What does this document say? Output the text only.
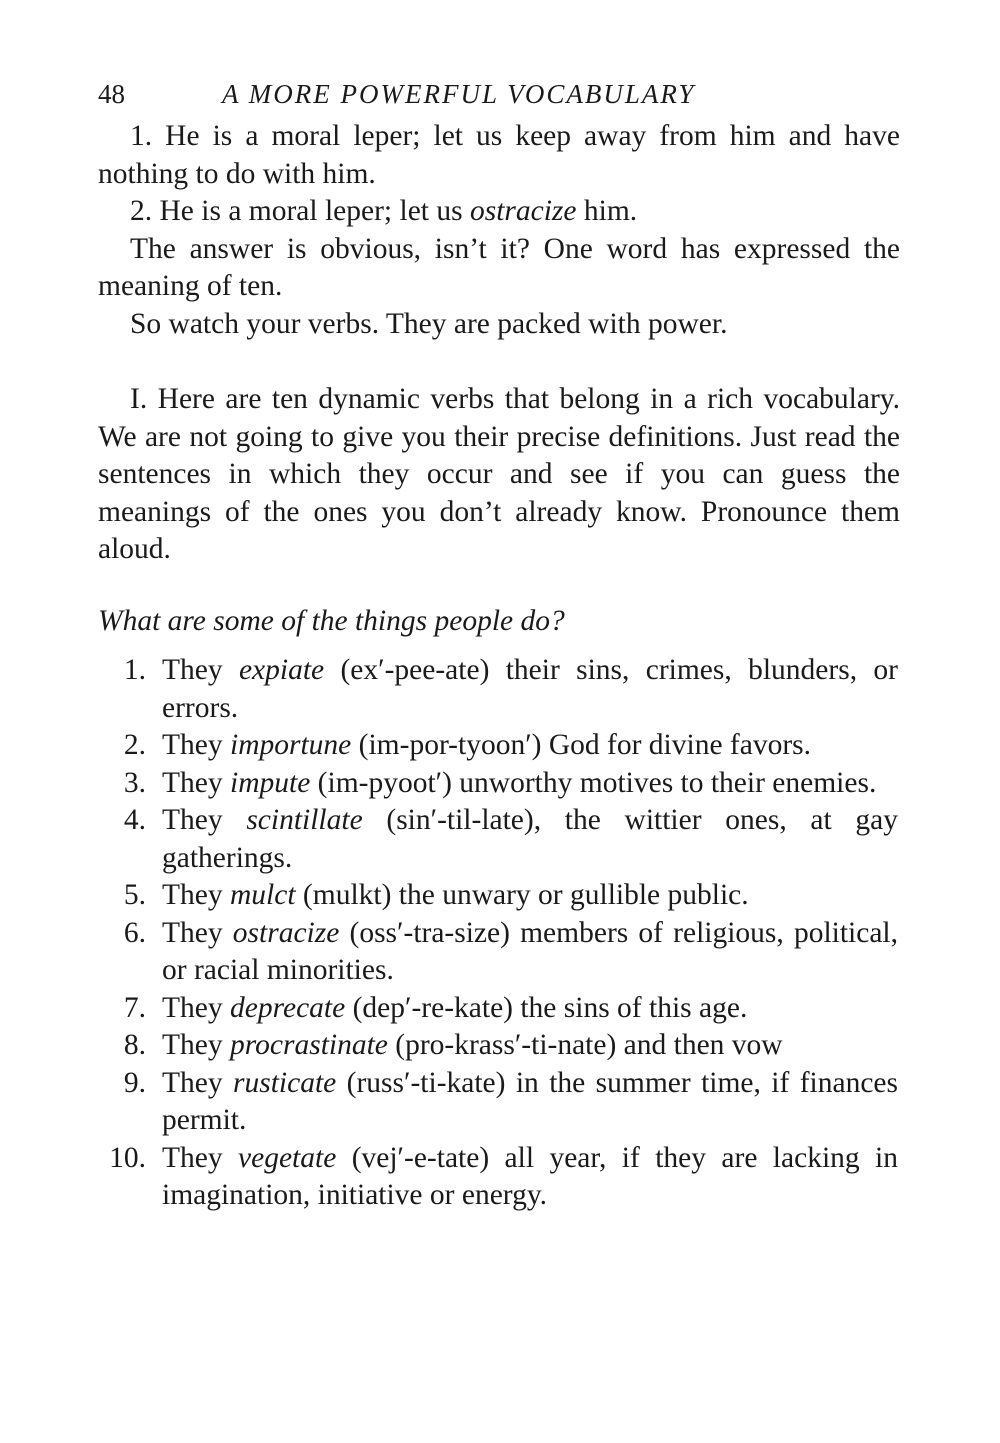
48	A MORE POWERFUL VOCABULARY

1. He is a moral leper; let us keep away from him and have nothing to do with him.

2. He is a moral leper; let us ostracize him.

The answer is obvious, isn’t it? One word has expressed the meaning of ten.

So watch your verbs. They are packed with power.

I. Here are ten dynamic verbs that belong in a rich vocabulary. We are not going to give you their precise definitions. Just read the sentences in which they occur and see if you can guess the meanings of the ones you don’t already know. Pronounce them aloud.

What are some of the things people do?

1. They expiate (ex′-pee-ate) their sins, crimes, blunders, or errors.
2. They importune (im-por-tyoon′) God for divine favors.
3. They impute (im-pyoot′) unworthy motives to their enemies.
4. They scintillate (sin′-til-late), the wittier ones, at gay gatherings.
5. They mulct (mulkt) the unwary or gullible public.
6. They ostracize (oss′-tra-size) members of religious, political, or racial minorities.
7. They deprecate (dep′-re-kate) the sins of this age.
8. They procrastinate (pro-krass′-ti-nate) and then vow
9. They rusticate (russ′-ti-kate) in the summer time, if finances permit.
10. They vegetate (vej′-e-tate) all year, if they are lacking in imagination, initiative or energy.
